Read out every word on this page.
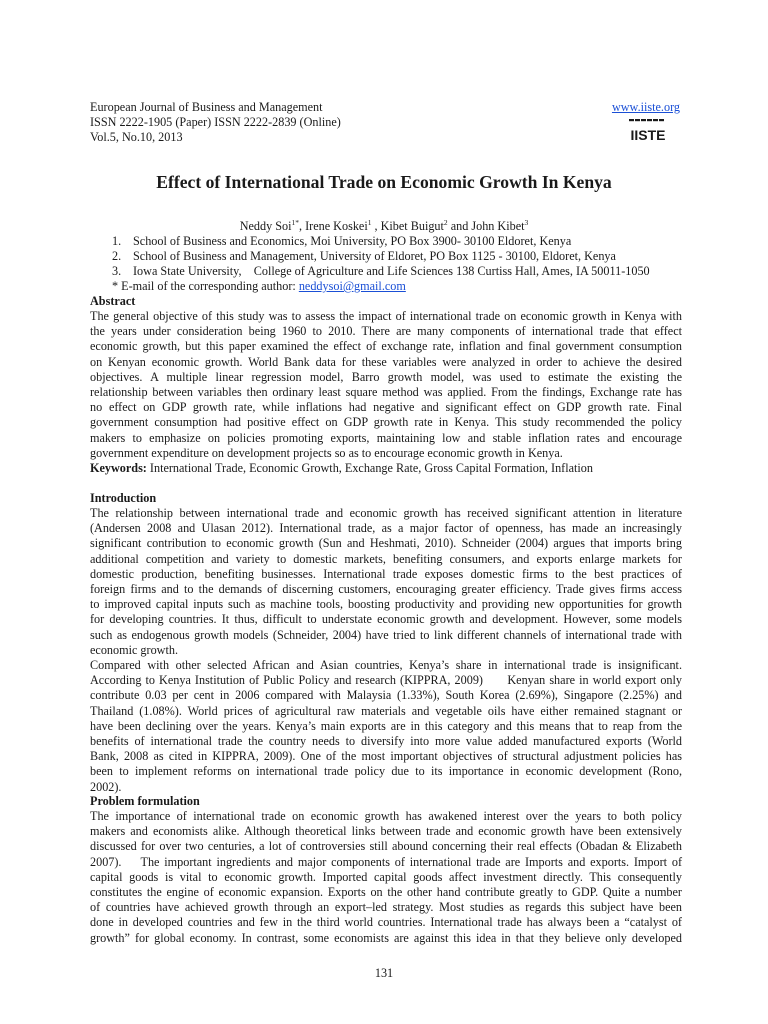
European Journal of Business and Management
ISSN 2222-1905 (Paper) ISSN 2222-2839 (Online)
Vol.5, No.10, 2013
www.iiste.org
IISTE
Effect of International Trade on Economic Growth In Kenya
Neddy Soi$^{1*}$, Irene Koskei$^1$ , Kibet Buigut$^2$ and John Kibet$^3$
1. School of Business and Economics, Moi University, PO Box 3900- 30100 Eldoret, Kenya
2. School of Business and Management, University of Eldoret, PO Box 1125 - 30100, Eldoret, Kenya
3. Iowa State University,    College of Agriculture and Life Sciences 138 Curtiss Hall, Ames, IA 50011-1050
* E-mail of the corresponding author: neddysoi@gmail.com
Abstract
The general objective of this study was to assess the impact of international trade on economic growth in Kenya with
the years under consideration being 1960 to 2010. There are many components of international trade that effect
economic growth, but this paper examined the effect of exchange rate, inflation and final government consumption
on Kenyan economic growth. World Bank data for these variables were analyzed in order to achieve the desired
objectives. A multiple linear regression model, Barro growth model, was used to estimate the existing the
relationship between variables then ordinary least square method was applied. From the findings, Exchange rate has
no effect on GDP growth rate, while inflations had negative and significant effect on GDP growth rate. Final
government consumption had positive effect on GDP growth rate in Kenya. This study recommended the policy
makers to emphasize on policies promoting exports, maintaining low and stable inflation rates and encourage
government expenditure on development projects so as to encourage economic growth in Kenya.
Keywords: International Trade, Economic Growth, Exchange Rate, Gross Capital Formation, Inflation
Introduction
The relationship between international trade and economic growth has received significant attention in literature
(Andersen 2008 and Ulasan 2012). International trade, as a major factor of openness, has made an increasingly
significant contribution to economic growth (Sun and Heshmati, 2010). Schneider (2004) argues that imports bring
additional competition and variety to domestic markets, benefiting consumers, and exports enlarge markets for
domestic production, benefiting businesses. International trade exposes domestic firms to the best practices of
foreign firms and to the demands of discerning customers, encouraging greater efficiency. Trade gives firms access
to improved capital inputs such as machine tools, boosting productivity and providing new opportunities for growth
for developing countries. It thus, difficult to understate economic growth and development. However, some models
such as endogenous growth models (Schneider, 2004) have tried to link different channels of international trade with
economic growth.
Compared with other selected African and Asian countries, Kenya’s share in international trade is insignificant.
According to Kenya Institution of Public Policy and research (KIPPRA, 2009)      Kenyan share in world export only
contribute 0.03 per cent in 2006 compared with Malaysia (1.33%), South Korea (2.69%), Singapore (2.25%) and
Thailand (1.08%). World prices of agricultural raw materials and vegetable oils have either remained stagnant or
have been declining over the years. Kenya’s main exports are in this category and this means that to reap from the
benefits of international trade the country needs to diversify into more value added manufactured exports (World
Bank, 2008 as cited in KIPPRA, 2009). One of the most important objectives of structural adjustment policies has
been to implement reforms on international trade policy due to its importance in economic development (Rono,
2002).
Problem formulation
The importance of international trade on economic growth has awakened interest over the years to both policy
makers and economists alike. Although theoretical links between trade and economic growth have been extensively
discussed for over two centuries, a lot of controversies still abound concerning their real effects (Obadan & Elizabeth
2007).    The important ingredients and major components of international trade are Imports and exports. Import of
capital goods is vital to economic growth. Imported capital goods affect investment directly. This consequently
constitutes the engine of economic expansion. Exports on the other hand contribute greatly to GDP. Quite a number
of countries have achieved growth through an export–led strategy. Most studies as regards this subject have been
done in developed countries and few in the third world countries. International trade has always been a “catalyst of
growth” for global economy. In contrast, some economists are against this idea in that they believe only developed
131
